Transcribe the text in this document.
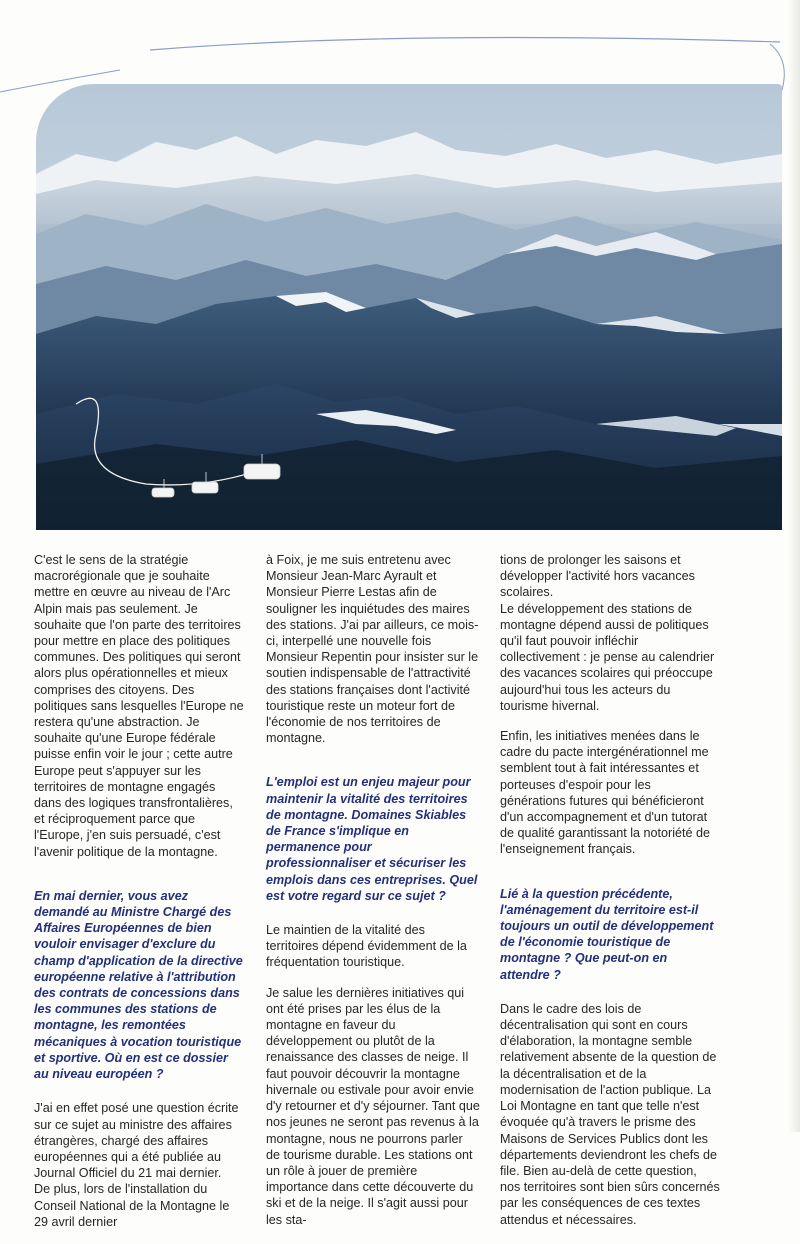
C'est le sens de la stratégie macrorégionale que je souhaite mettre en œuvre au niveau de l'Arc Alpin mais pas seulement. Je souhaite que l'on parte des territoires pour mettre en place des politiques communes. Des politiques qui seront alors plus opérationnelles et mieux comprises des citoyens. Des politiques sans lesquelles l'Europe ne restera qu'une abstraction. Je souhaite qu'une Europe fédérale puisse enfin voir le jour ; cette autre Europe peut s'appuyer sur les territoires de montagne engagés dans des logiques transfrontalières, et réciproquement parce que l'Europe, j'en suis persuadé, c'est l'avenir politique de la montagne.

En mai dernier, vous avez demandé au Ministre Chargé des Affaires Européennes de bien vouloir envisager d'exclure du champ d'application de la directive européenne relative à l'attribution des contrats de concessions dans les communes des stations de montagne, les remontées mécaniques à vocation touristique et sportive. Où en est ce dossier au niveau européen ?

J'ai en effet posé une question écrite sur ce sujet au ministre des affaires étrangères, chargé des affaires européennes qui a été publiée au Journal Officiel du 21 mai dernier.

De plus, lors de l'installation du Conseil National de la Montagne le 29 avril dernier

à Foix, je me suis entretenu avec Monsieur Jean-Marc Ayrault et Monsieur Pierre Lestas afin de souligner les inquiétudes des maires des stations. J'ai par ailleurs, ce mois-ci, interpellé une nouvelle fois Monsieur Repentin pour insister sur le soutien indispensable de l'attractivité des stations françaises dont l'activité touristique reste un moteur fort de l'économie de nos territoires de montagne.

L'emploi est un enjeu majeur pour maintenir la vitalité des territoires de montagne. Domaines Skiables de France s'implique en permanence pour professionnaliser et sécuriser les emplois dans ces entreprises. Quel est votre regard sur ce sujet ?

Le maintien de la vitalité des territoires dépend évidemment de la fréquentation touristique.

Je salue les dernières initiatives qui ont été prises par les élus de la montagne en faveur du développement ou plutôt de la renaissance des classes de neige. Il faut pouvoir découvrir la montagne hivernale ou estivale pour avoir envie d'y retourner et d'y séjourner. Tant que nos jeunes ne seront pas revenus à la montagne, nous ne pourrons parler de tourisme durable. Les stations ont un rôle à jouer de première importance dans cette découverte du ski et de la neige. Il s'agit aussi pour les sta-

tions de prolonger les saisons et développer l'activité hors vacances scolaires.

Le développement des stations de montagne dépend aussi de politiques qu'il faut pouvoir infléchir collectivement : je pense au calendrier des vacances scolaires qui préoccupe aujourd'hui tous les acteurs du tourisme hivernal.

Enfin, les initiatives menées dans le cadre du pacte intergénérationnel me semblent tout à fait intéressantes et porteuses d'espoir pour les générations futures qui bénéficieront d'un accompagnement et d'un tutorat de qualité garantissant la notoriété de l'enseignement français.

Lié à la question précédente, l'aménagement du territoire est-il toujours un outil de développement de l'économie touristique de montagne ? Que peut-on en attendre ?

Dans le cadre des lois de décentralisation qui sont en cours d'élaboration, la montagne semble relativement absente de la question de la décentralisation et de la modernisation de l'action publique. La Loi Montagne en tant que telle n'est évoquée qu'à travers le prisme des Maisons de Services Publics dont les départements deviendront les chefs de file. Bien au-delà de cette question, nos territoires sont bien sûrs concernés par les conséquences de ces textes attendus et nécessaires.
